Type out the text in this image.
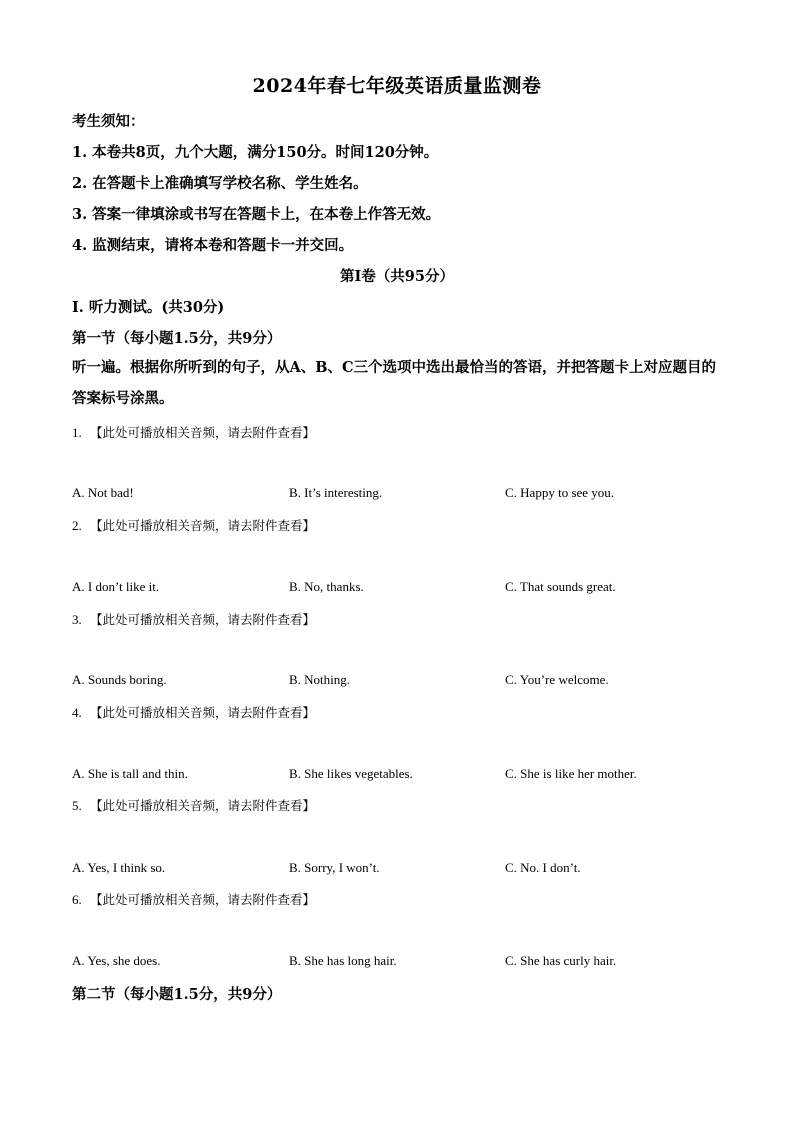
2024年春七年级英语质量监测卷
考生须知：
1. 本卷共8页，九个大题，满分150分。时间120分钟。
2. 在答题卡上准确填写学校名称、学生姓名。
3. 答案一律填涂或书写在答题卡上，在本卷上作答无效。
4. 监测结束，请将本卷和答题卡一并交回。
第Ⅰ卷（共95分）
I. 听力测试。(共30分)
第一节（每小题1.5分，共9分）
听一遍。根据你所听到的句子，从A、B、C三个选项中选出最恰当的答语，并把答题卡上对应题目的答案标号涂黑。
1. 【此处可播放相关音频，请去附件查看】
A. Not bad!	B. It’s interesting.	C. Happy to see you.
2. 【此处可播放相关音频，请去附件查看】
A. I don’t like it.	B. No, thanks.	C. That sounds great.
3. 【此处可播放相关音频，请去附件查看】
A. Sounds boring.	B. Nothing.	C. You’re welcome.
4. 【此处可播放相关音频，请去附件查看】
A. She is tall and thin.	B. She likes vegetables.	C. She is like her mother.
5. 【此处可播放相关音频，请去附件查看】
A. Yes, I think so.	B. Sorry, I won’t.	C. No. I don’t.
6. 【此处可播放相关音频，请去附件查看】
A. Yes, she does.	B. She has long hair.	C. She has curly hair.
第二节（每小题1.5分，共9分）
